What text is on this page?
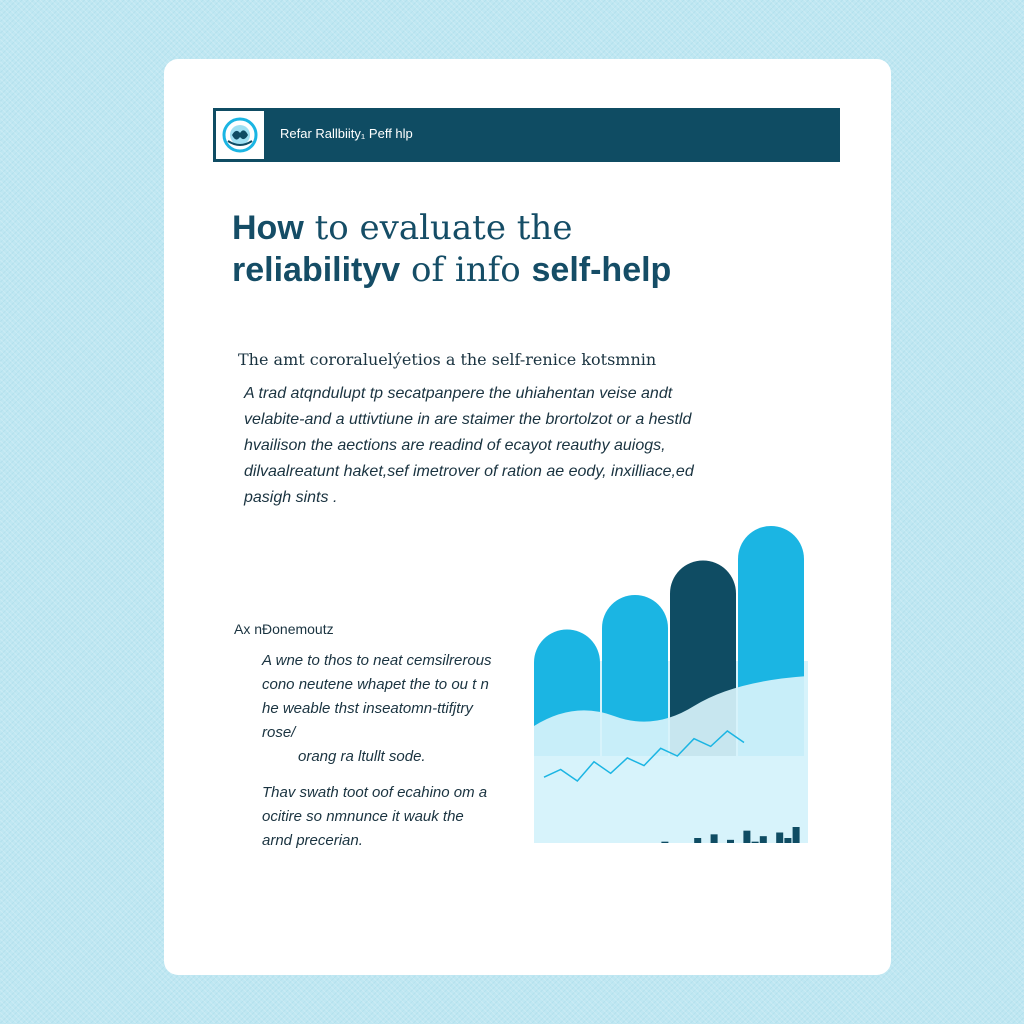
Refar Rallbiity₁ Peff hlp
How to evaluate the
reliabilityv of info self-help
The amt cororaluelýetios a the self-renice kotsmnin
A trad atqndulupt tp secatpanpere the uhiahentan veise and‍t velabite-and a‍ uttivtiune in are staimer the brortolzot or a hestld hvailison the aections are readind of ecayot reauthy auiogs, dilvaalreatunt haket,sef imetrover of ration ae eody, inxilliace,ed pasigh sints .
Ax nĐonemoutz

A wne to thos to neat cemsilrerous
cono neutene whapet the to ou t n
he weable thst inseatomn-ttifjtry
rose/
orang ra ltullt sode.

Thav swath toot oof ecahino om a
ocitire so nmnunce it wauk the
arnd precerian.
